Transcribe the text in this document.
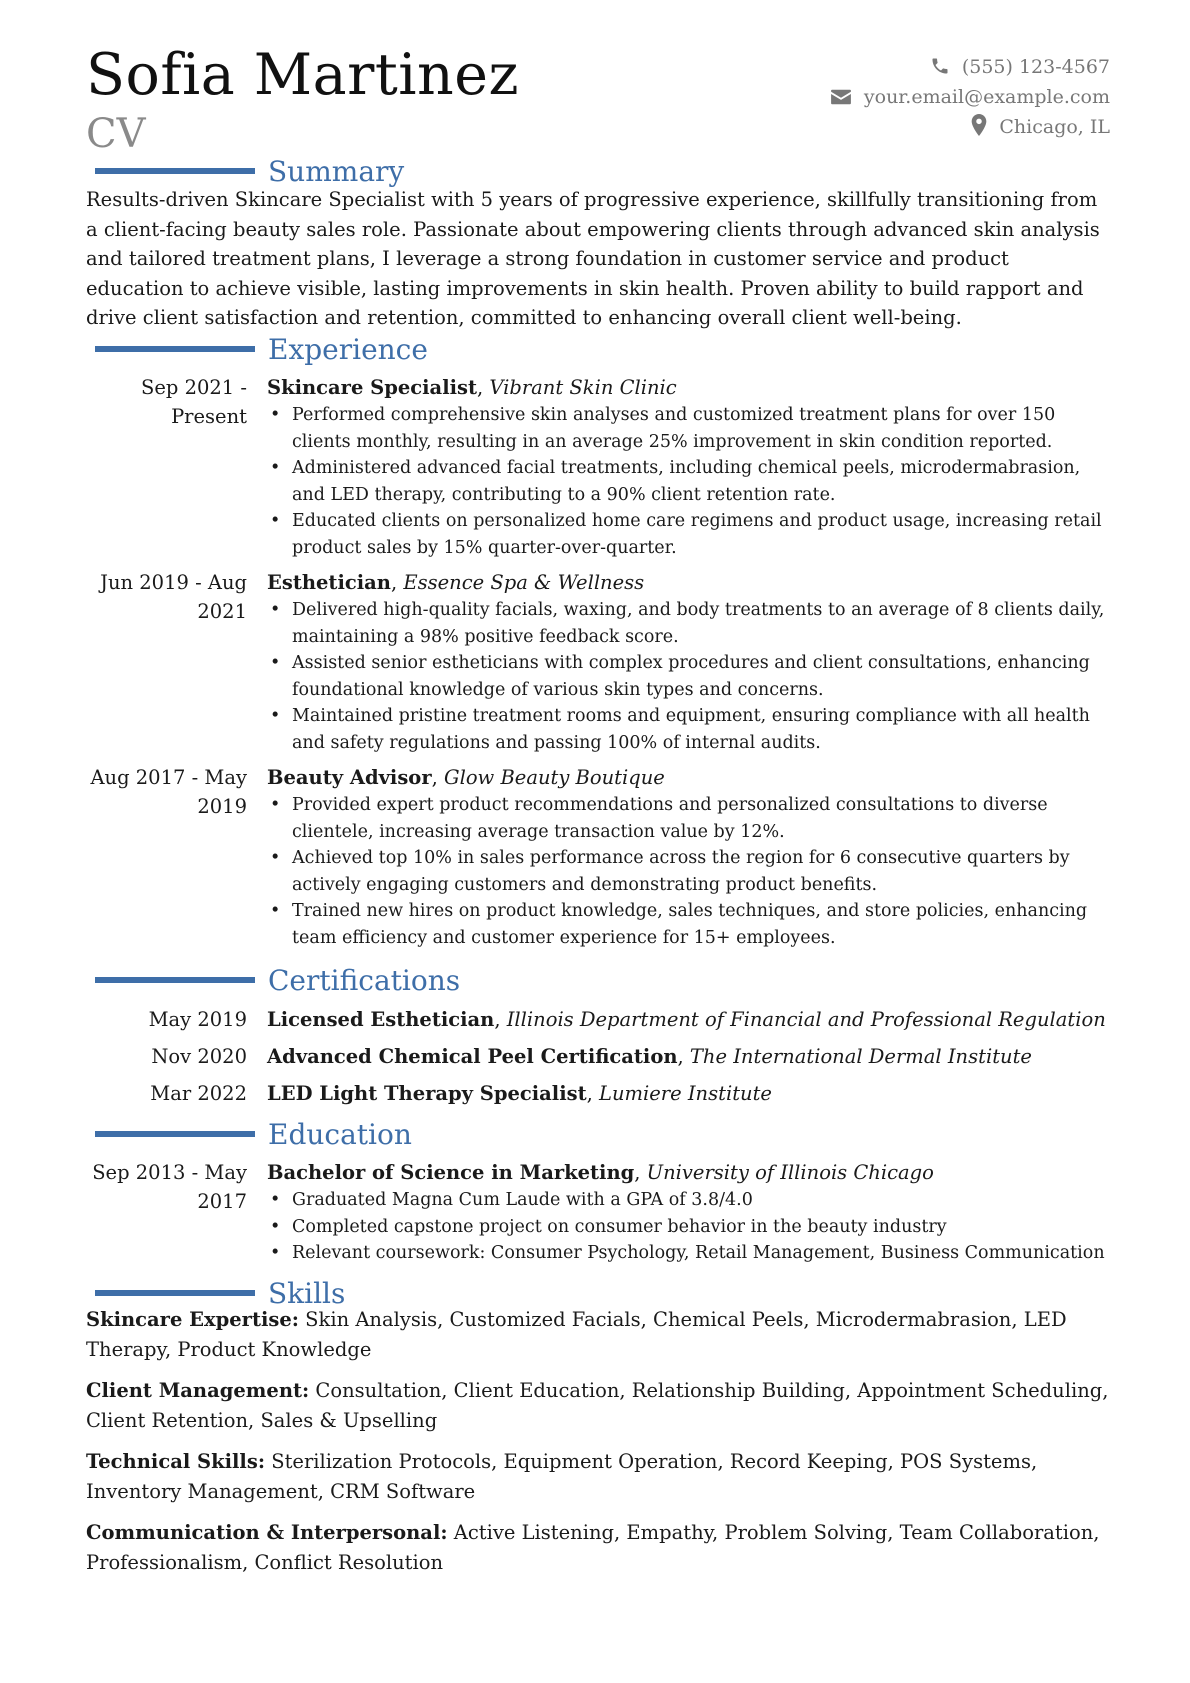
Sofia Martinez
CV
(555) 123-4567
your.email@example.com
Chicago, IL
Summary
Results-driven Skincare Specialist with 5 years of progressive experience, skillfully transitioning from a client-facing beauty sales role. Passionate about empowering clients through advanced skin analysis and tailored treatment plans, I leverage a strong foundation in customer service and product education to achieve visible, lasting improvements in skin health. Proven ability to build rapport and drive client satisfaction and retention, committed to enhancing overall client well-being.
Experience
Sep 2021 - Present
Skincare Specialist, Vibrant Skin Clinic
• Performed comprehensive skin analyses and customized treatment plans for over 150 clients monthly, resulting in an average 25% improvement in skin condition reported.
• Administered advanced facial treatments, including chemical peels, microdermabrasion, and LED therapy, contributing to a 90% client retention rate.
• Educated clients on personalized home care regimens and product usage, increasing retail product sales by 15% quarter-over-quarter.
Jun 2019 - Aug 2021
Esthetician, Essence Spa & Wellness
• Delivered high-quality facials, waxing, and body treatments to an average of 8 clients daily, maintaining a 98% positive feedback score.
• Assisted senior estheticians with complex procedures and client consultations, enhancing foundational knowledge of various skin types and concerns.
• Maintained pristine treatment rooms and equipment, ensuring compliance with all health and safety regulations and passing 100% of internal audits.
Aug 2017 - May 2019
Beauty Advisor, Glow Beauty Boutique
• Provided expert product recommendations and personalized consultations to diverse clientele, increasing average transaction value by 12%.
• Achieved top 10% in sales performance across the region for 6 consecutive quarters by actively engaging customers and demonstrating product benefits.
• Trained new hires on product knowledge, sales techniques, and store policies, enhancing team efficiency and customer experience for 15+ employees.
Certifications
May 2019 Licensed Esthetician, Illinois Department of Financial and Professional Regulation
Nov 2020 Advanced Chemical Peel Certification, The International Dermal Institute
Mar 2022 LED Light Therapy Specialist, Lumiere Institute
Education
Sep 2013 - May 2017
Bachelor of Science in Marketing, University of Illinois Chicago
• Graduated Magna Cum Laude with a GPA of 3.8/4.0
• Completed capstone project on consumer behavior in the beauty industry
• Relevant coursework: Consumer Psychology, Retail Management, Business Communication
Skills
Skincare Expertise: Skin Analysis, Customized Facials, Chemical Peels, Microdermabrasion, LED Therapy, Product Knowledge
Client Management: Consultation, Client Education, Relationship Building, Appointment Scheduling, Client Retention, Sales & Upselling
Technical Skills: Sterilization Protocols, Equipment Operation, Record Keeping, POS Systems, Inventory Management, CRM Software
Communication & Interpersonal: Active Listening, Empathy, Problem Solving, Team Collaboration, Professionalism, Conflict Resolution
